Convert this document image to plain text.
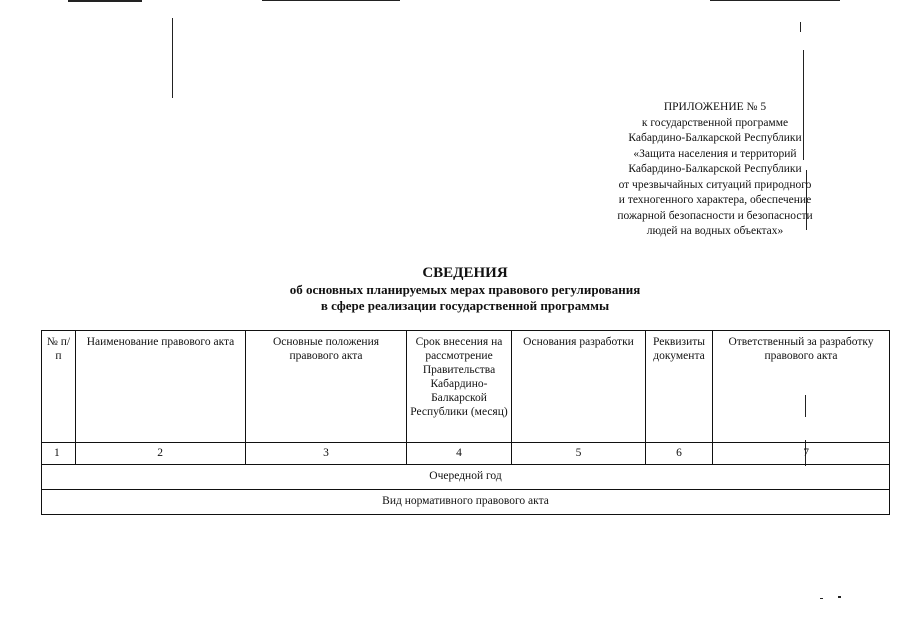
ПРИЛОЖЕНИЕ № 5
к государственной программе
Кабардино-Балкарской Республики
«Защита населения и территорий
Кабардино-Балкарской Республики
от чрезвычайных ситуаций природного
и техногенного характера, обеспечение
пожарной безопасности и безопасности
людей на водных объектах»
СВЕДЕНИЯ
об основных планируемых мерах правового регулирования
в сфере реализации государственной программы
№ п/п	Наименование правового акта	Основные положения правового акта	Срок внесения на рассмотрение Правительства Кабардино-Балкарской Республики (месяц)	Основания разработки	Реквизиты документа	Ответственный за разработку правового акта
1	2	3	4	5	6	7
Очередной год						
Вид нормативного правового акта						
